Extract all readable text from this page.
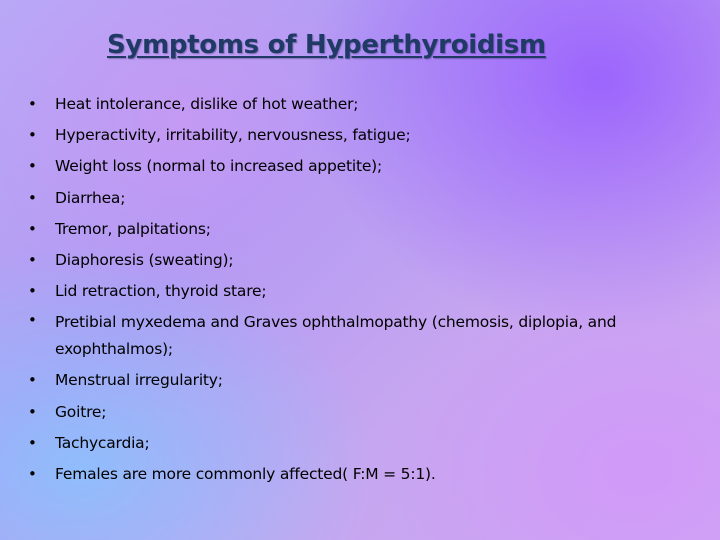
Symptoms of Hyperthyroidism
• Heat intolerance, dislike of hot weather;
• Hyperactivity, irritability, nervousness, fatigue;
• Weight loss (normal to increased appetite);
• Diarrhea;
• Tremor, palpitations;
• Diaphoresis (sweating);
• Lid retraction, thyroid stare;
• Pretibial myxedema and Graves ophthalmopathy (chemosis, diplopia, and exophthalmos);
• Menstrual irregularity;
• Goitre;
• Tachycardia;
• Females are more commonly affected( F:M = 5:1).
